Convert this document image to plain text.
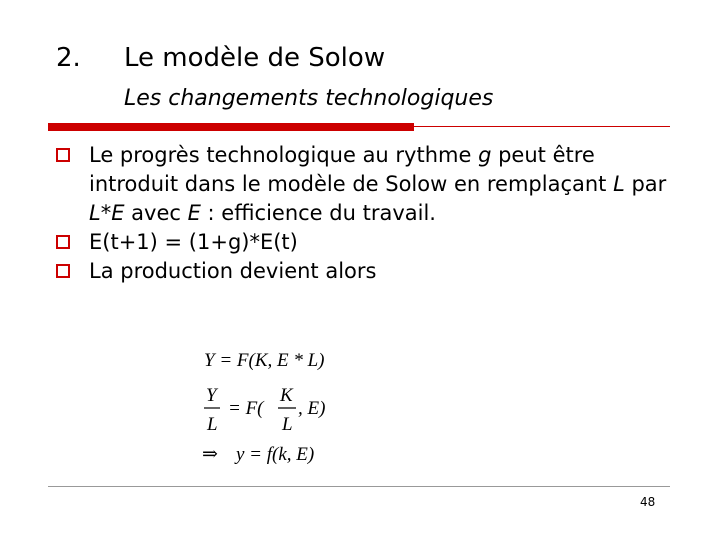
2. Le modèle de Solow
Les changements technologiques
Le progrès technologique au rythme g peut être introduit dans le modèle de Solow en remplaçant L par L*E avec E : efficience du travail.
E(t+1) = (1+g)*E(t)
La production devient alors
Y = F(K, E * L)
Y
L
= F(
K
L
, E)
⇒ y = f(k, E)
48
